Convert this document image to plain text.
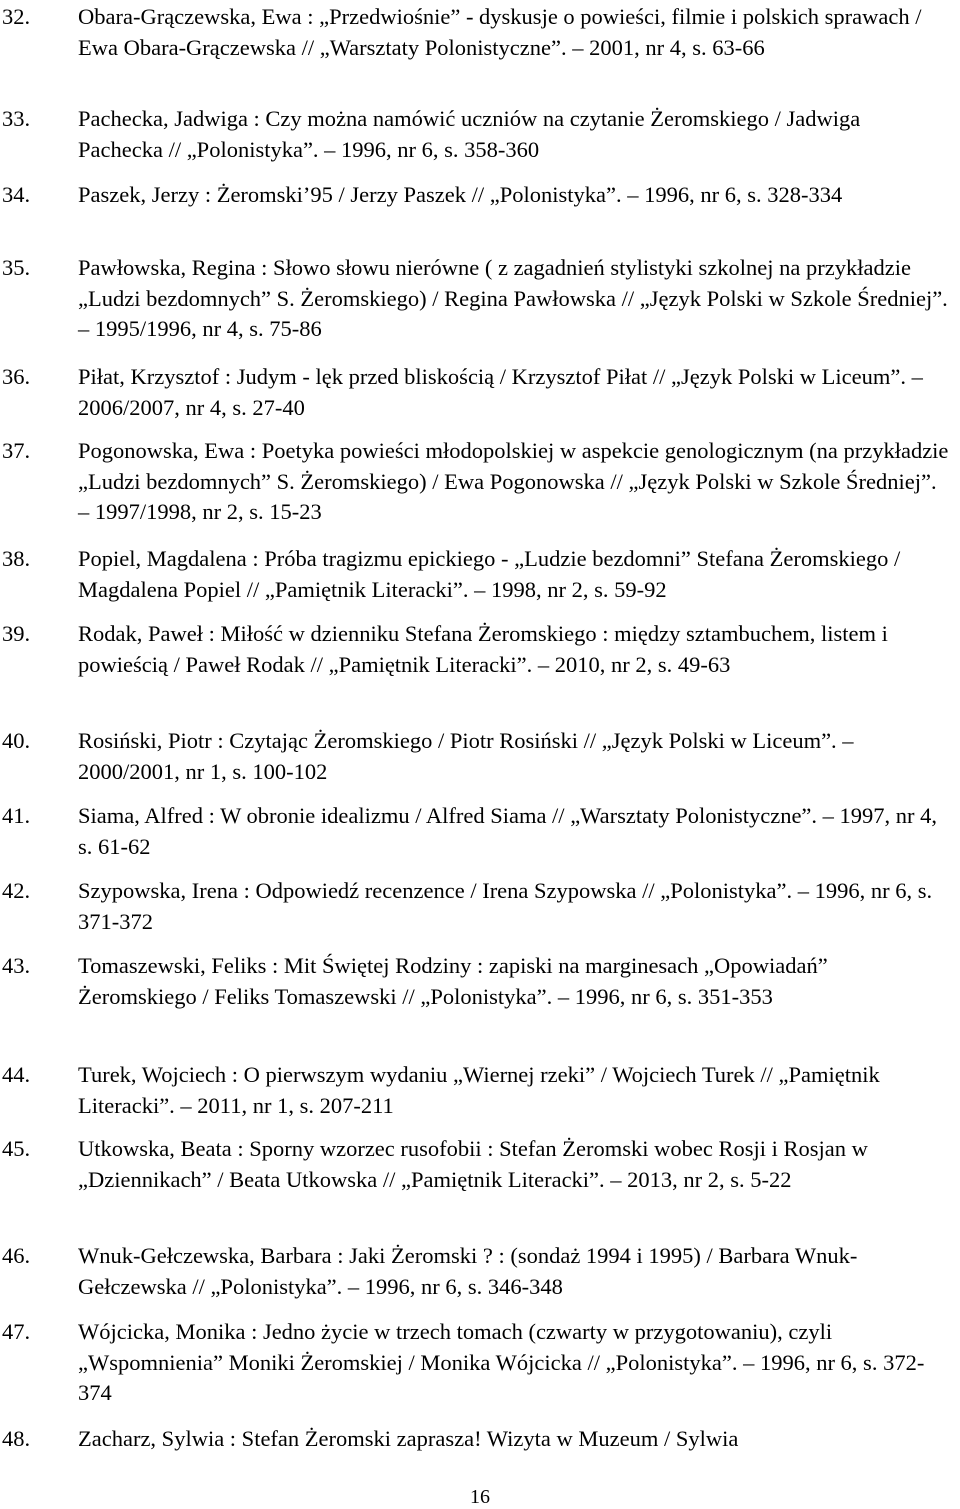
32.	Obara-Grączewska, Ewa : „Przedwiośnie” - dyskusje o powieści, filmie i polskich sprawach / Ewa Obara-Grączewska // „Warsztaty Polonistyczne”. – 2001, nr 4, s. 63-66
33.	Pachecka, Jadwiga : Czy można namówić uczniów na czytanie Żeromskiego / Jadwiga Pachecka // „Polonistyka”. – 1996, nr 6, s. 358-360
34.	Paszek, Jerzy : Żeromski’95 / Jerzy Paszek // „Polonistyka”. – 1996, nr 6, s. 328-334
35.	Pawłowska, Regina : Słowo słowu nierówne ( z zagadnień stylistyki szkolnej na przykładzie „Ludzi bezdomnych” S. Żeromskiego) / Regina Pawłowska // „Język Polski w Szkole Średniej”. – 1995/1996, nr 4, s. 75-86
36.	Piłat, Krzysztof : Judym - lęk przed bliskością / Krzysztof Piłat // „Język Polski w Liceum”. – 2006/2007, nr 4, s. 27-40
37.	Pogonowska, Ewa : Poetyka powieści młodopolskiej w aspekcie genologicznym (na przykładzie „Ludzi bezdomnych” S. Żeromskiego) / Ewa Pogonowska // „Język Polski w Szkole Średniej”. – 1997/1998, nr 2, s. 15-23
38.	Popiel, Magdalena : Próba tragizmu epickiego - „Ludzie bezdomni” Stefana Żeromskiego / Magdalena Popiel // „Pamiętnik Literacki”. – 1998, nr 2, s. 59-92
39.	Rodak, Paweł : Miłość w dzienniku Stefana Żeromskiego : między sztambuchem, listem i powieścią / Paweł Rodak // „Pamiętnik Literacki”. – 2010, nr 2, s. 49-63
40.	Rosiński, Piotr : Czytając Żeromskiego / Piotr Rosiński // „Język Polski w Liceum”. – 2000/2001, nr 1, s. 100-102
41.	Siama, Alfred : W obronie idealizmu / Alfred Siama // „Warsztaty Polonistyczne”. – 1997, nr 4, s. 61-62
42.	Szypowska, Irena : Odpowiedź recenzence / Irena Szypowska // „Polonistyka”. – 1996, nr 6, s. 371-372
43.	Tomaszewski, Feliks : Mit Świętej Rodziny : zapiski na marginesach „Opowiadań” Żeromskiego / Feliks Tomaszewski // „Polonistyka”. – 1996, nr 6, s. 351-353
44.	Turek, Wojciech : O pierwszym wydaniu „Wiernej rzeki” / Wojciech Turek // „Pamiętnik Literacki”. – 2011, nr 1, s. 207-211
45.	Utkowska, Beata : Sporny wzorzec rusofobii : Stefan Żeromski wobec Rosji i Rosjan w „Dziennikach” / Beata Utkowska // „Pamiętnik Literacki”. – 2013, nr 2, s. 5-22
46.	Wnuk-Gełczewska, Barbara : Jaki Żeromski ? : (sondaż 1994 i 1995) / Barbara Wnuk-Gełczewska // „Polonistyka”. – 1996, nr 6, s. 346-348
47.	Wójcicka, Monika : Jedno życie w trzech tomach (czwarty w przygotowaniu), czyli „Wspomnienia” Moniki Żeromskiej / Monika Wójcicka // „Polonistyka”. – 1996, nr 6, s. 372-374
48.	Zacharz, Sylwia : Stefan Żeromski zaprasza! Wizyta w Muzeum / Sylwia
16
